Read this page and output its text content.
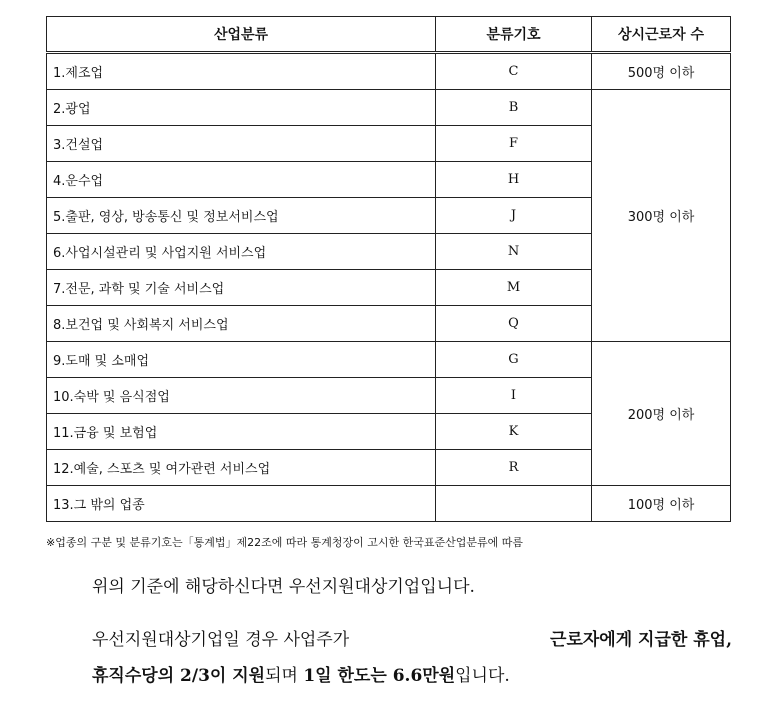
산업분류	분류기호	상시근로자 수
1.제조업	C	500명 이하
2.광업	B	300명 이하
3.건설업	F	
4.운수업	H	
5.출판, 영상, 방송통신 및 정보서비스업	J	
6.사업시설관리 및 사업지원 서비스업	N	
7.전문, 과학 및 기술 서비스업	M	
8.보건업 및 사회복지 서비스업	Q	
9.도매 및 소매업	G	200명 이하
10.숙박 및 음식점업	I	
11.금융 및 보험업	K	
12.예술, 스포츠 및 여가관련 서비스업	R	
13.그 밖의 업종		100명 이하
※업종의 구분 및 분류기호는「통계법」제22조에 따라 통계청장이 고시한 한국표준산업분류에 따름
위의 기준에 해당하신다면 우선지원대상기업입니다.
우선지원대상기업일 경우 사업주가	근로자에게 지급한 휴업,
휴직수당의 2/3이 지원되며 1일 한도는 6.6만원입니다.
